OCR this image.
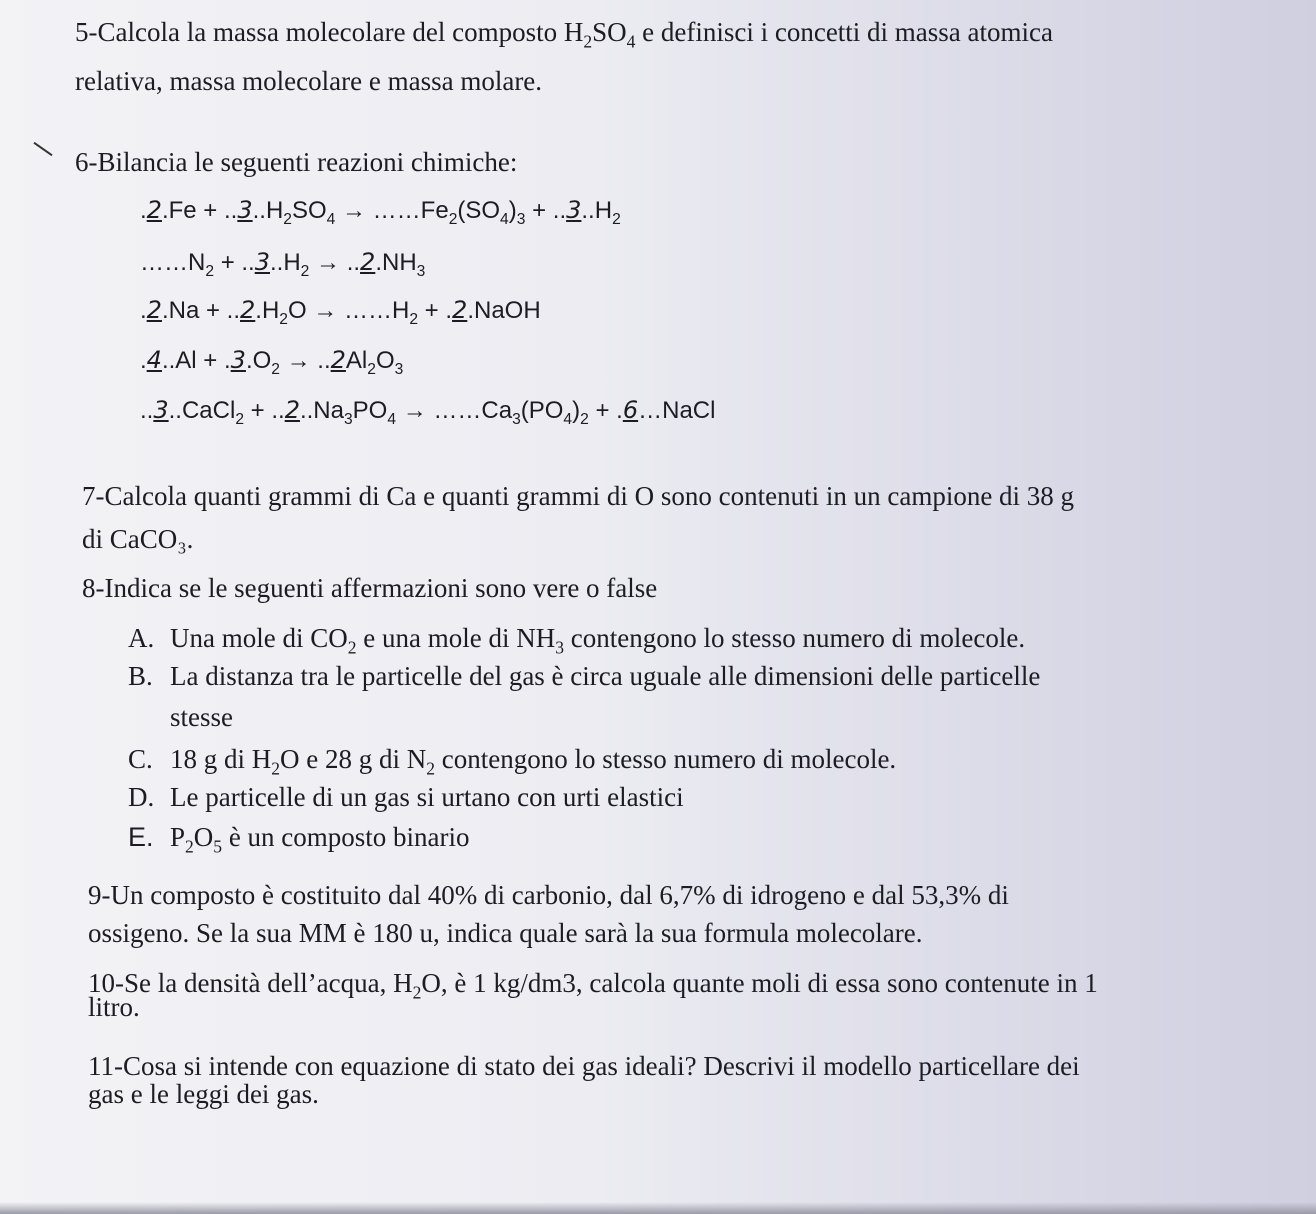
5-Calcola la massa molecolare del composto $H_2SO_4$ e definisci i concetti di massa atomica
relativa, massa molecolare e massa molare.
6-Bilancia le seguenti reazioni chimiche:
$.2.Fe + ..3..H_2SO_4$ → $\dots\dots Fe_2(SO_4)_3 + ..3..H_2$
$\dots\dots N_2 + ..3..H_2 \to ..2.NH_3$
$.2.Na + ..2.H_2O$ → $\dots\dots H_2$ + .2.NaOH
$.4..Al + .3.O_2 \to ..2Al_2O_3$
..3..CaCl$_2$ + $..2..Na_3PO_4$ → $\dots\dots Ca_3(PO_4)_2$ + .6…NaCl
7-Calcola quanti grammi di Ca e quanti grammi di O sono contenuti in un campione di 38 g
di CaCO₃.
8-Indica se le seguenti affermazioni sono vere o false
A. Una mole di $CO_2$ e una mole di $NH_3$ contengono lo stesso numero di molecole.
B. La distanza tra le particelle del gas è circa uguale alle dimensioni delle particelle
stesse
C. 18 g di $H_2O$ e 28 g di $N_2$ contengono lo stesso numero di molecole.
D. Le particelle di un gas si urtano con urti elastici
E. $P_2O_5$ è un composto binario
9-Un composto è costituito dal 40% di carbonio, dal 6,7% di idrogeno e dal 53,3% di
ossigeno. Se la sua MM è 180 u, indica quale sarà la sua formula molecolare.
10-Se la densità dell’acqua, $H_2O$, è 1 kg/dm3, calcola quante moli di essa sono contenute in 1
litro.
11-Cosa si intende con equazione di stato dei gas ideali? Descrivi il modello particellare dei
gas e le leggi dei gas.
